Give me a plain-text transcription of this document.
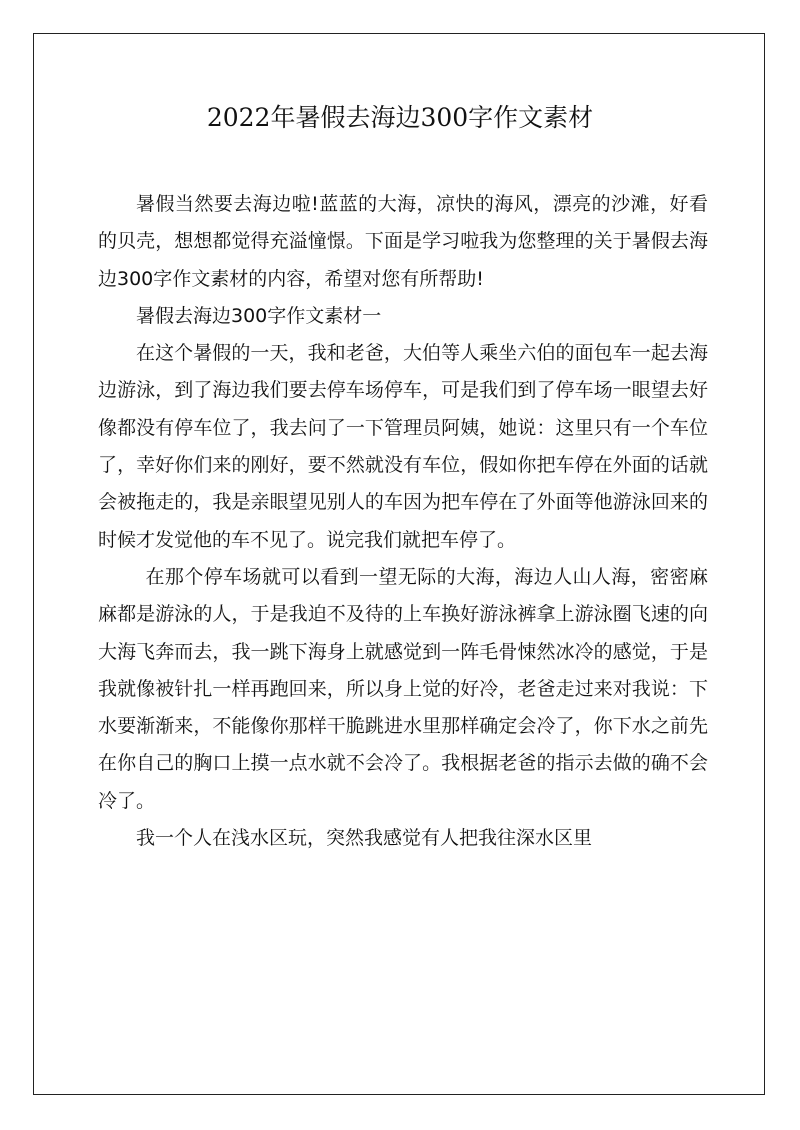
2022年暑假去海边300字作文素材

暑假当然要去海边啦!蓝蓝的大海，凉快的海风，漂亮的沙滩，好看的贝壳，想想都觉得充溢憧憬。下面是学习啦我为您整理的关于暑假去海边300字作文素材的内容，希望对您有所帮助!

暑假去海边300字作文素材一

在这个暑假的一天，我和老爸，大伯等人乘坐六伯的面包车一起去海边游泳，到了海边我们要去停车场停车，可是我们到了停车场一眼望去好像都没有停车位了，我去问了一下管理员阿姨，她说：这里只有一个车位了，幸好你们来的刚好，要不然就没有车位，假如你把车停在外面的话就会被拖走的，我是亲眼望见别人的车因为把车停在了外面等他游泳回来的时候才发觉他的车不见了。说完我们就把车停了。

在那个停车场就可以看到一望无际的大海，海边人山人海，密密麻麻都是游泳的人，于是我迫不及待的上车换好游泳裤拿上游泳圈飞速的向大海飞奔而去，我一跳下海身上就感觉到一阵毛骨悚然冰冷的感觉，于是我就像被针扎一样再跑回来，所以身上觉的好冷，老爸走过来对我说：下水要渐渐来，不能像你那样干脆跳进水里那样确定会冷了，你下水之前先在你自己的胸口上摸一点水就不会冷了。我根据老爸的指示去做的确不会冷了。

我一个人在浅水区玩，突然我感觉有人把我往深水区里
